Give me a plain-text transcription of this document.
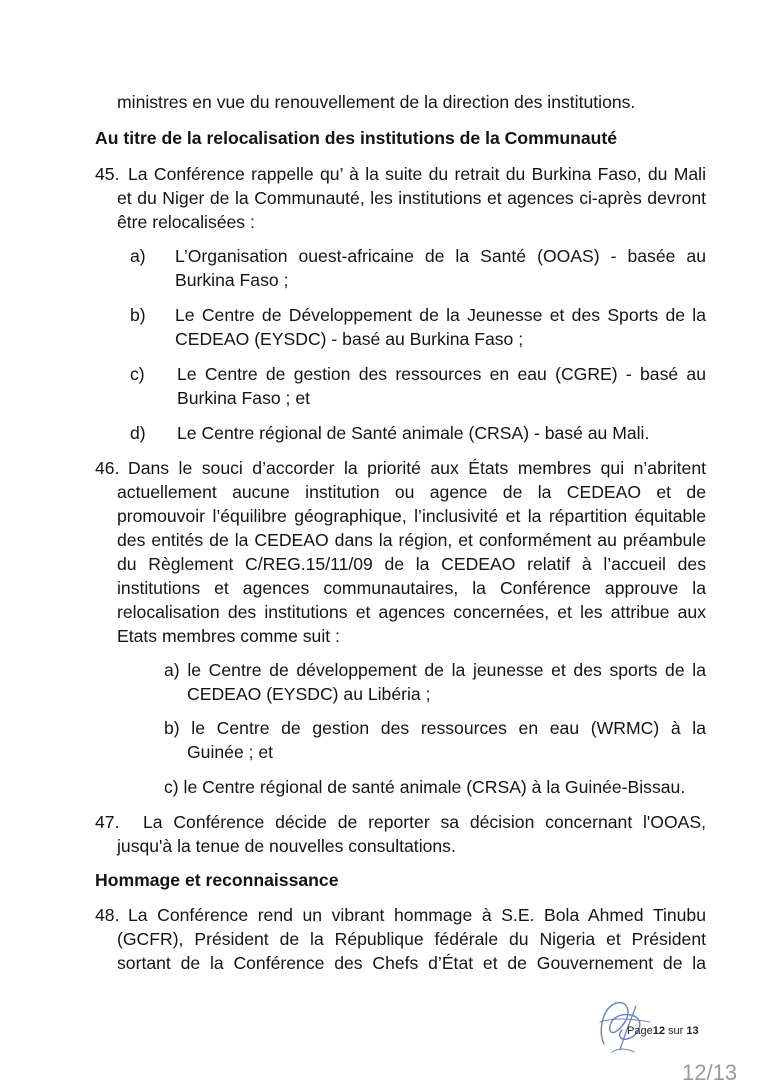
ministres en vue du renouvellement de la direction des institutions.
Au titre de la relocalisation des institutions de la Communauté
45. La Conférence rappelle qu’ à la suite du retrait du Burkina Faso, du Mali
et du Niger de la Communauté, les institutions et agences ci-après devront
être relocalisées :
a) L’Organisation ouest-africaine de la Santé (OOAS) - basée au
Burkina Faso ;
b) Le Centre de Développement de la Jeunesse et des Sports de la
CEDEAO (EYSDC) - basé au Burkina Faso ;
c) Le Centre de gestion des ressources en eau (CGRE) - basé au
Burkina Faso ; et
d) Le Centre régional de Santé animale (CRSA) - basé au Mali.
46. Dans le souci d’accorder la priorité aux États membres qui n’abritent
actuellement aucune institution ou agence de la CEDEAO et de
promouvoir l’équilibre géographique, l’inclusivité et la répartition équitable
des entités de la CEDEAO dans la région, et conformément au préambule
du Règlement C/REG.15/11/09 de la CEDEAO relatif à l’accueil des
institutions et agences communautaires, la Conférence approuve la
relocalisation des institutions et agences concernées, et les attribue aux
Etats membres comme suit :
a) le Centre de développement de la jeunesse et des sports de la
CEDEAO (EYSDC) au Libéria ;
b) le Centre de gestion des ressources en eau (WRMC) à la
Guinée ; et
c) le Centre régional de santé animale (CRSA) à la Guinée-Bissau.
47. La Conférence décide de reporter sa décision concernant l'OOAS,
jusqu'à la tenue de nouvelles consultations.
Hommage et reconnaissance
48. La Conférence rend un vibrant hommage à S.E. Bola Ahmed Tinubu
(GCFR), Président de la République fédérale du Nigeria et Président
sortant de la Conférence des Chefs d’État et de Gouvernement de la
Page12 sur 13
12/13
